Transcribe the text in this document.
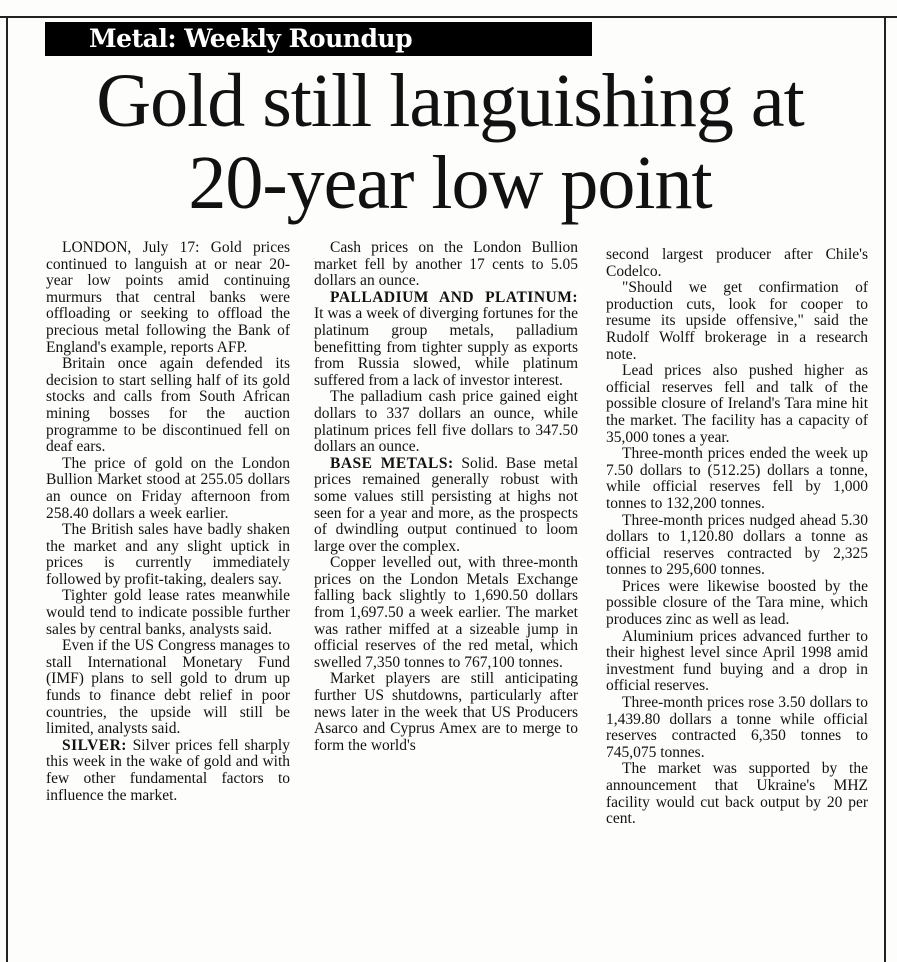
Metal: Weekly Roundup
Gold still languishing at
20-year low point

LONDON, July 17: Gold prices continued to languish at or near 20-year low points amid continuing murmurs that central banks were offloading or seeking to offload the precious metal following the Bank of England's example, reports AFP.

Britain once again defended its decision to start selling half of its gold stocks and calls from South African mining bosses for the auction programme to be discontinued fell on deaf ears.

The price of gold on the London Bullion Market stood at 255.05 dollars an ounce on Friday afternoon from 258.40 dollars a week earlier.

The British sales have badly shaken the market and any slight uptick in prices is currently immediately followed by profit-taking, dealers say.

Tighter gold lease rates meanwhile would tend to indicate possible further sales by central banks, analysts said.

Even if the US Congress manages to stall International Monetary Fund (IMF) plans to sell gold to drum up funds to finance debt relief in poor countries, the upside will still be limited, analysts said.

SILVER: Silver prices fell sharply this week in the wake of gold and with few other fundamental factors to influence the market.

Cash prices on the London Bullion market fell by another 17 cents to 5.05 dollars an ounce.

PALLADIUM AND PLATINUM: It was a week of diverging fortunes for the platinum group metals, palladium benefitting from tighter supply as exports from Russia slowed, while platinum suffered from a lack of investor interest.

The palladium cash price gained eight dollars to 337 dollars an ounce, while platinum prices fell five dollars to 347.50 dollars an ounce.

BASE METALS: Solid. Base metal prices remained generally robust with some values still persisting at highs not seen for a year and more, as the prospects of dwindling output continued to loom large over the complex.

Copper levelled out, with three-month prices on the London Metals Exchange falling back slightly to 1,690.50 dollars from 1,697.50 a week earlier. The market was rather miffed at a sizeable jump in official reserves of the red metal, which swelled 7,350 tonnes to 767,100 tonnes.

Market players are still anticipating further US shutdowns, particularly after news later in the week that US Producers Asarco and Cyprus Amex are to merge to form the world's

second largest producer after Chile's Codelco.

"Should we get confirmation of production cuts, look for cooper to resume its upside offensive," said the Rudolf Wolff brokerage in a research note.

Lead prices also pushed higher as official reserves fell and talk of the possible closure of Ireland's Tara mine hit the market. The facility has a capacity of 35,000 tones a year.

Three-month prices ended the week up 7.50 dollars to (512.25) dollars a tonne, while official reserves fell by 1,000 tonnes to 132,200 tonnes.

Three-month prices nudged ahead 5.30 dollars to 1,120.80 dollars a tonne as official reserves contracted by 2,325 tonnes to 295,600 tonnes.

Prices were likewise boosted by the possible closure of the Tara mine, which produces zinc as well as lead.

Aluminium prices advanced further to their highest level since April 1998 amid investment fund buying and a drop in official reserves.

Three-month prices rose 3.50 dollars to 1,439.80 dollars a tonne while official reserves contracted 6,350 tonnes to 745,075 tonnes.

The market was supported by the announcement that Ukraine's MHZ facility would cut back output by 20 per cent.
